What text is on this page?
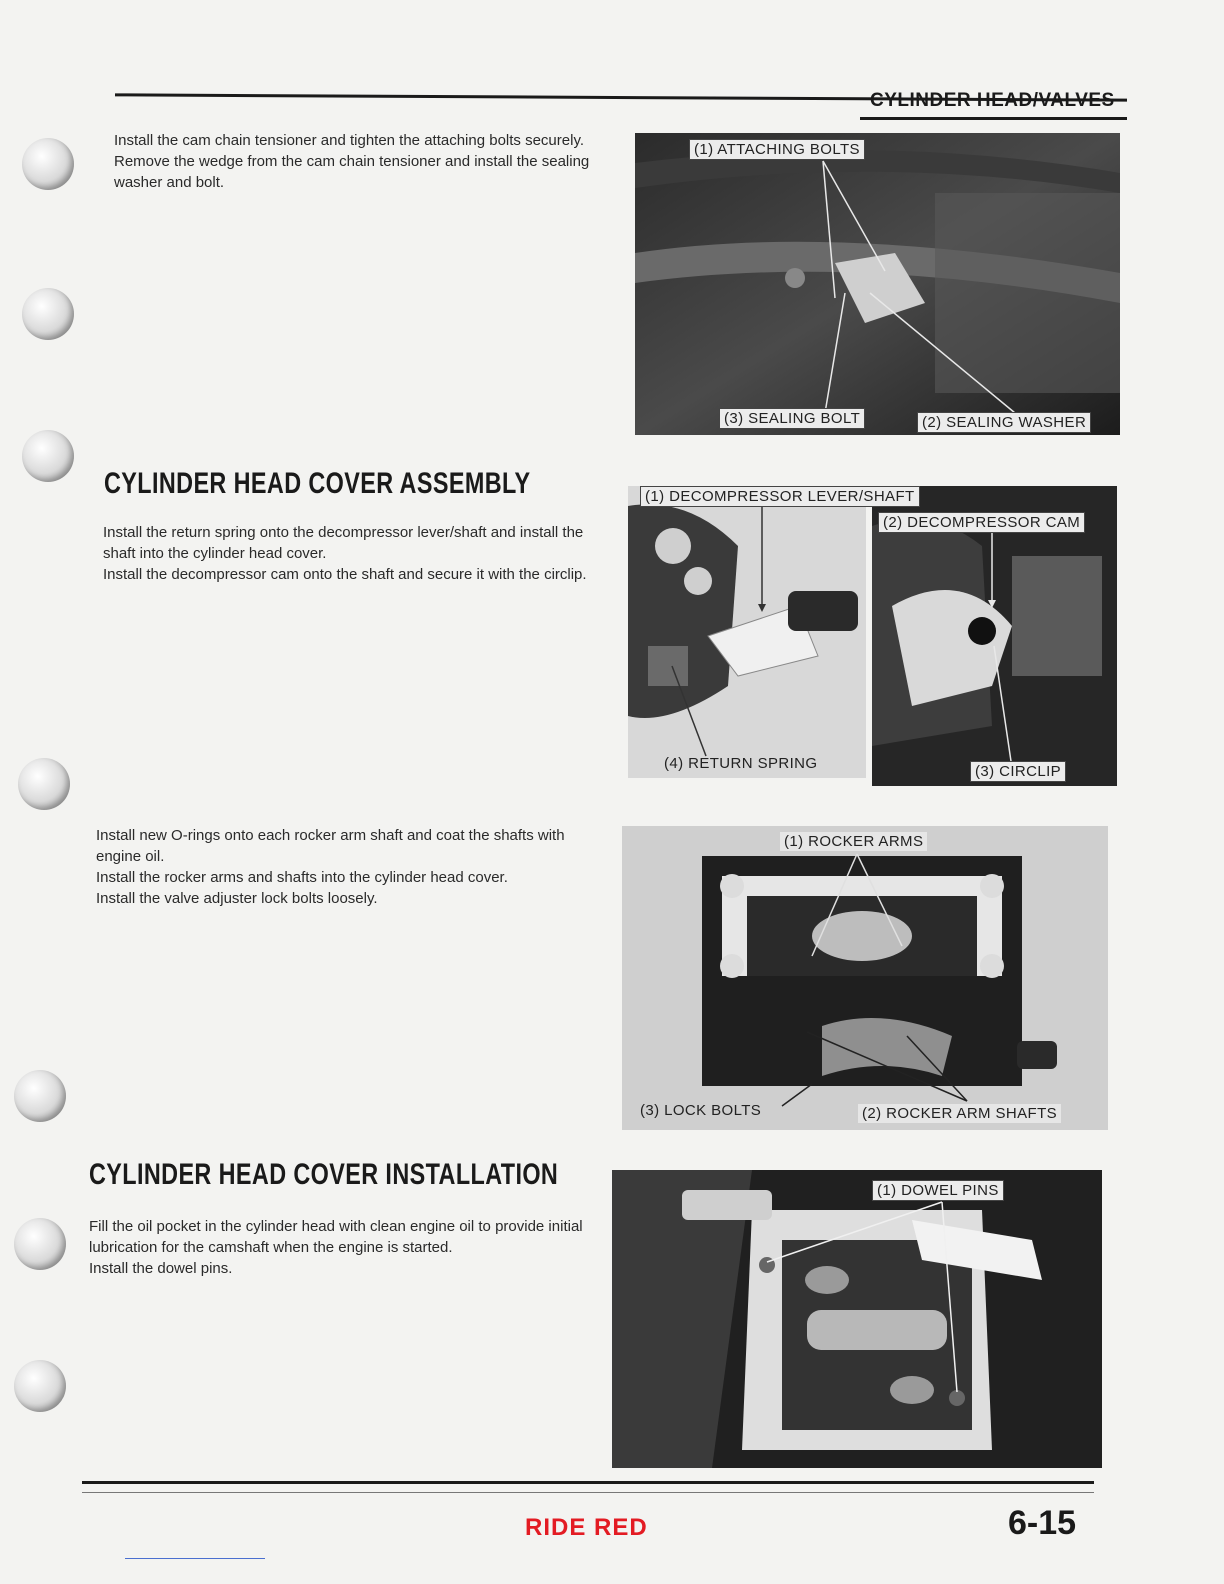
CYLINDER HEAD/VALVES

Install the cam chain tensioner and tighten the attaching bolts securely.

Remove the wedge from the cam chain tensioner and install the sealing washer and bolt.

(1) ATTACHING BOLTS
(3) SEALING BOLT	(2) SEALING WASHER
CYLINDER HEAD COVER ASSEMBLY

Install the return spring onto the decompressor lever/shaft and install the shaft into the cylinder head cover.

Install the decompressor cam onto the shaft and secure it with the circlip.

(4) RETURN SPRING	(3) CIRCLIP
(1) DECOMPRESSOR LEVER/SHAFT
(2) DECOMPRESSOR CAM

Install new O-rings onto each rocker arm shaft and coat the shafts with engine oil.

Install the rocker arms and shafts into the cylinder head cover.

Install the valve adjuster lock bolts loosely.

(1) ROCKER ARMS
(3) LOCK BOLTS	(2) ROCKER ARM SHAFTS
CYLINDER HEAD COVER INSTALLATION

Fill the oil pocket in the cylinder head with clean engine oil to provide initial lubrication for the camshaft when the engine is started.

Install the dowel pins.

(1) DOWEL PINS
RIDE RED	6-15
